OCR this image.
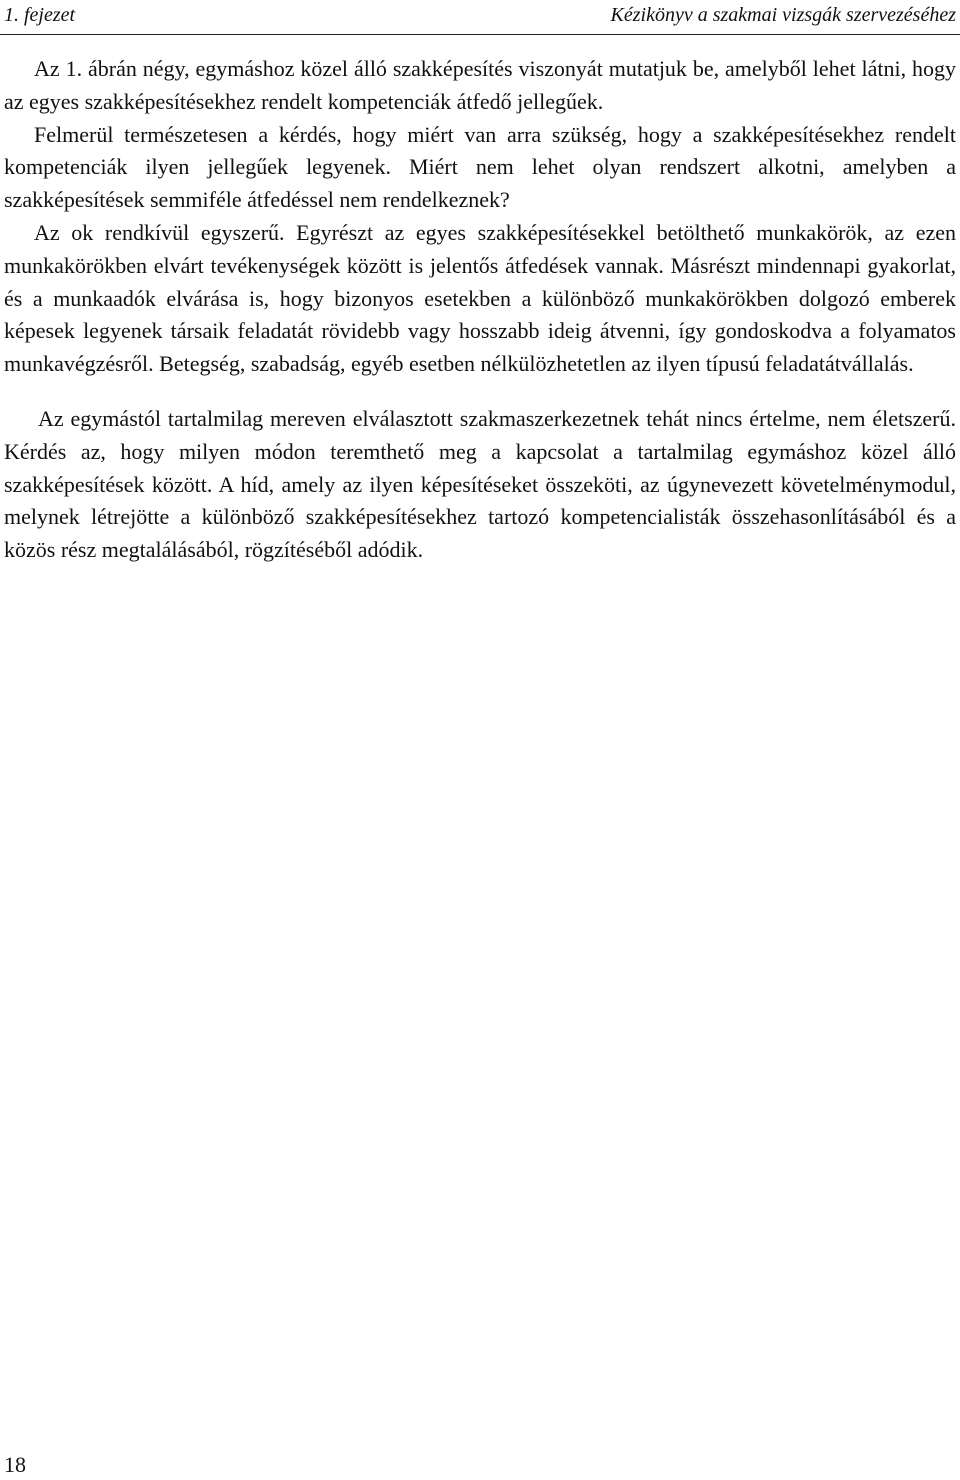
1. fejezet	Kézikönyv a szakmai vizsgák szervezéséhez

Az 1. ábrán négy, egymáshoz közel álló szakképesítés viszonyát mutatjuk be, amelyből lehet látni, hogy az egyes szakképesítésekhez rendelt kompetenciák átfedő jellegűek.

Felmerül természetesen a kérdés, hogy miért van arra szükség, hogy a szakképesítésekhez rendelt kompetenciák ilyen jellegűek legyenek. Miért nem lehet olyan rendszert alkotni, amelyben a szakképesítések semmiféle átfedéssel nem rendelkeznek?

Az ok rendkívül egyszerű. Egyrészt az egyes szakképesítésekkel betölthető munkakörök, az ezen munkakörökben elvárt tevékenységek között is jelentős átfedések vannak. Másrészt mindennapi gyakorlat, és a munkaadók elvárása is, hogy bizonyos esetekben a különböző munkakörökben dolgozó emberek képesek legyenek társaik feladatát rövidebb vagy hosszabb ideig átvenni, így gondoskodva a folyamatos munkavégzésről. Betegség, szabadság, egyéb esetben nélkülözhetetlen az ilyen típusú feladatátvállalás.

Az egymástól tartalmilag mereven elválasztott szakmaszerkezetnek tehát nincs értelme, nem életszerű. Kérdés az, hogy milyen módon teremthető meg a kapcsolat a tartalmilag egymáshoz közel álló szakképesítések között. A híd, amely az ilyen képesítéseket összeköti, az úgynevezett követelménymodul, melynek létrejötte a különböző szakképesítésekhez tartozó kompetencialisták összehasonlításából és a közös rész megtalálásából, rögzítéséből adódik.

18
